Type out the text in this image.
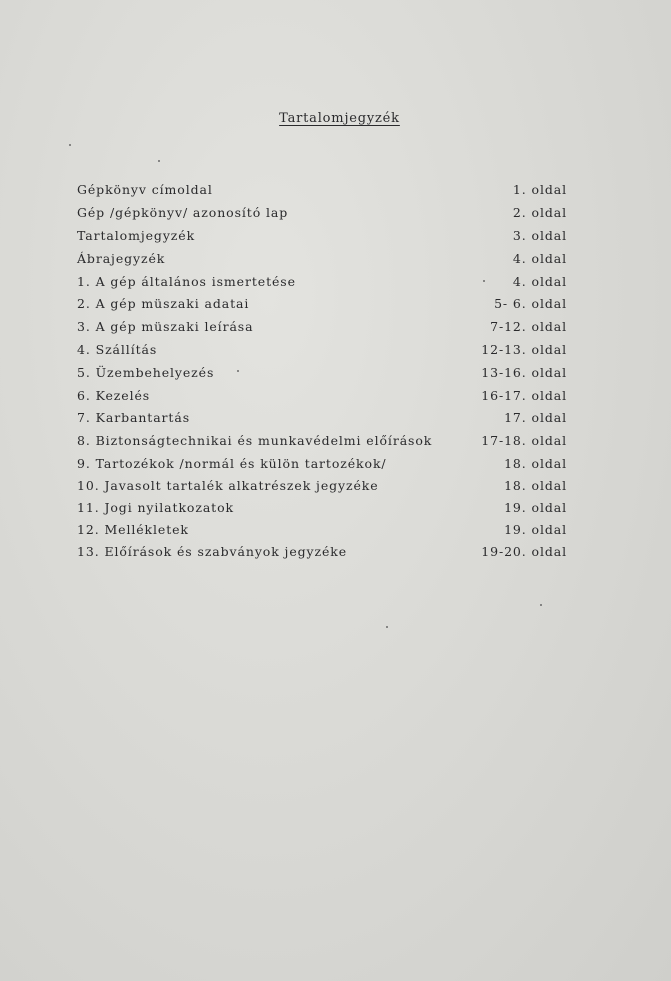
Tartalomjegyzék
Gépkönyv címoldal	1. oldal
Gép /gépkönyv/ azonosító lap	2. oldal
Tartalomjegyzék	3. oldal
Ábrajegyzék	4. oldal
1. A gép általános ismertetése	4. oldal
2. A gép müszaki adatai	5- 6. oldal
3. A gép müszaki leírása	7-12. oldal
4. Szállítás	12-13. oldal
5. Üzembehelyezés	13-16. oldal
6. Kezelés	16-17. oldal
7. Karbantartás	17. oldal
8. Biztonságtechnikai és munkavédelmi előírások	17-18. oldal
9. Tartozékok /normál és külön tartozékok/	18. oldal
10. Javasolt tartalék alkatrészek jegyzéke	18. oldal
11. Jogi nyilatkozatok	19. oldal
12. Mellékletek	19. oldal
13. Előírások és szabványok jegyzéke	19-20. oldal
